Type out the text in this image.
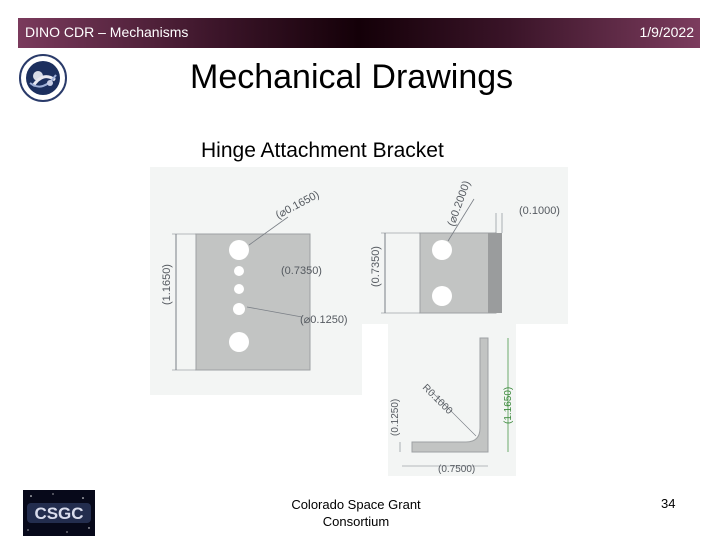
DINO CDR – Mechanisms	1/9/2022
Mechanical Drawings
Hinge Attachment Bracket
(⌀0.1650)
(1.1650)	(0.7350)
(⌀0.1250)
(⌀0.2000)	(0.1000)
(0.7350)
(1.1650)
R0.1000
(0.1250)
(0.7500)
CSGC	Colorado Space Grant
Consortium
34
